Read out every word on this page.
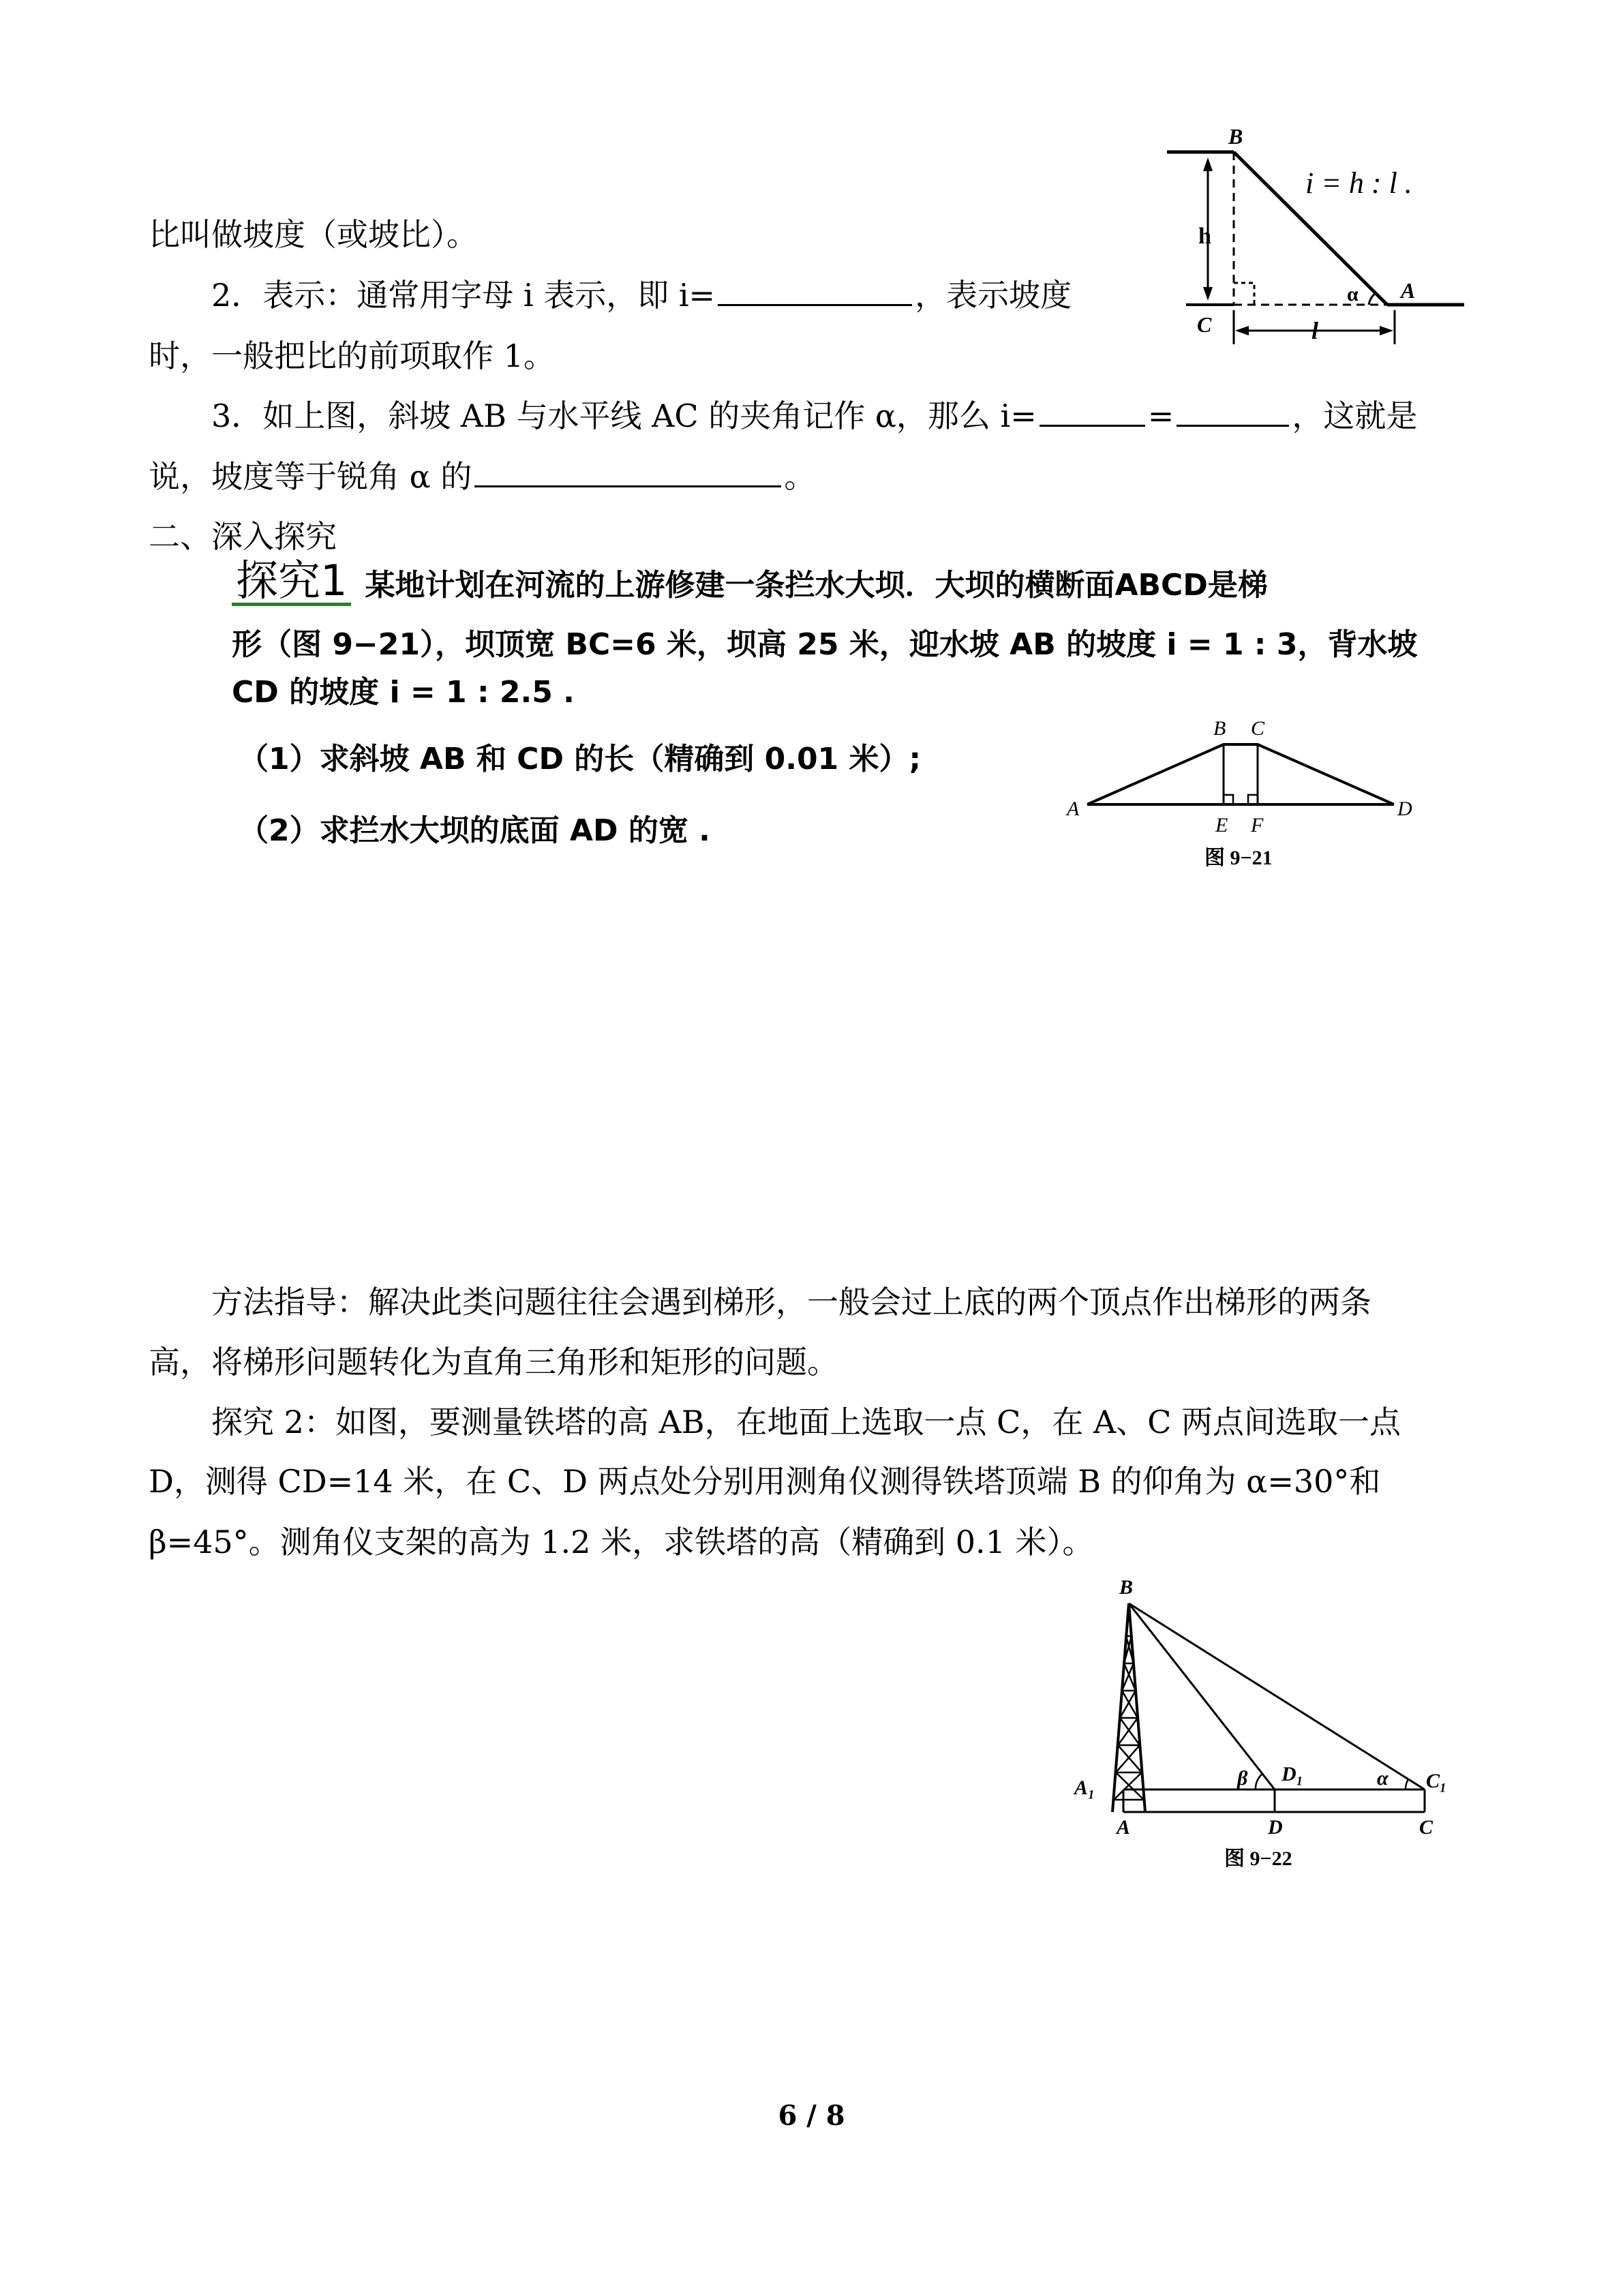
B
i = h : l .
h
α A
C	l
比叫做坡度（或坡比）。
2．表示：通常用字母 i 表示，即 i=	，表示坡度
时，一般把比的前项取作 1。
3．如上图，斜坡 AB 与水平线 AC 的夹角记作 α，那么 i=	=	，这就是
说，坡度等于锐角 α 的	。
二、深入探究
探究1 某地计划在河流的上游修建一条拦水大坝．大坝的横断面ABCD是梯
形（图 9−21），坝顶宽 BC=6 米，坝高 25 米，迎水坡 AB 的坡度 i = 1 : 3，背水坡
CD 的坡度 i = 1 : 2.5 .
（1）求斜坡 AB 和 CD 的长（精确到 0.01 米）;
（2）求拦水大坝的底面 AD 的宽 .
A
B C
D
E F
图 9−21
方法指导：解决此类问题往往会遇到梯形，一般会过上底的两个顶点作出梯形的两条
高，将梯形问题转化为直角三角形和矩形的问题。
探究 2：如图，要测量铁塔的高 AB，在地面上选取一点 C，在 A、C 两点间选取一点
D，测得 CD=14 米，在 C、D 两点处分别用测角仪测得铁塔顶端 B 的仰角为 α=30°和
β=45°。测角仪支架的高为 1.2 米，求铁塔的高（精确到 0.1 米）。
B
A₁	β D₁	α C₁
A	D	C
图 9−22
6 / 8
